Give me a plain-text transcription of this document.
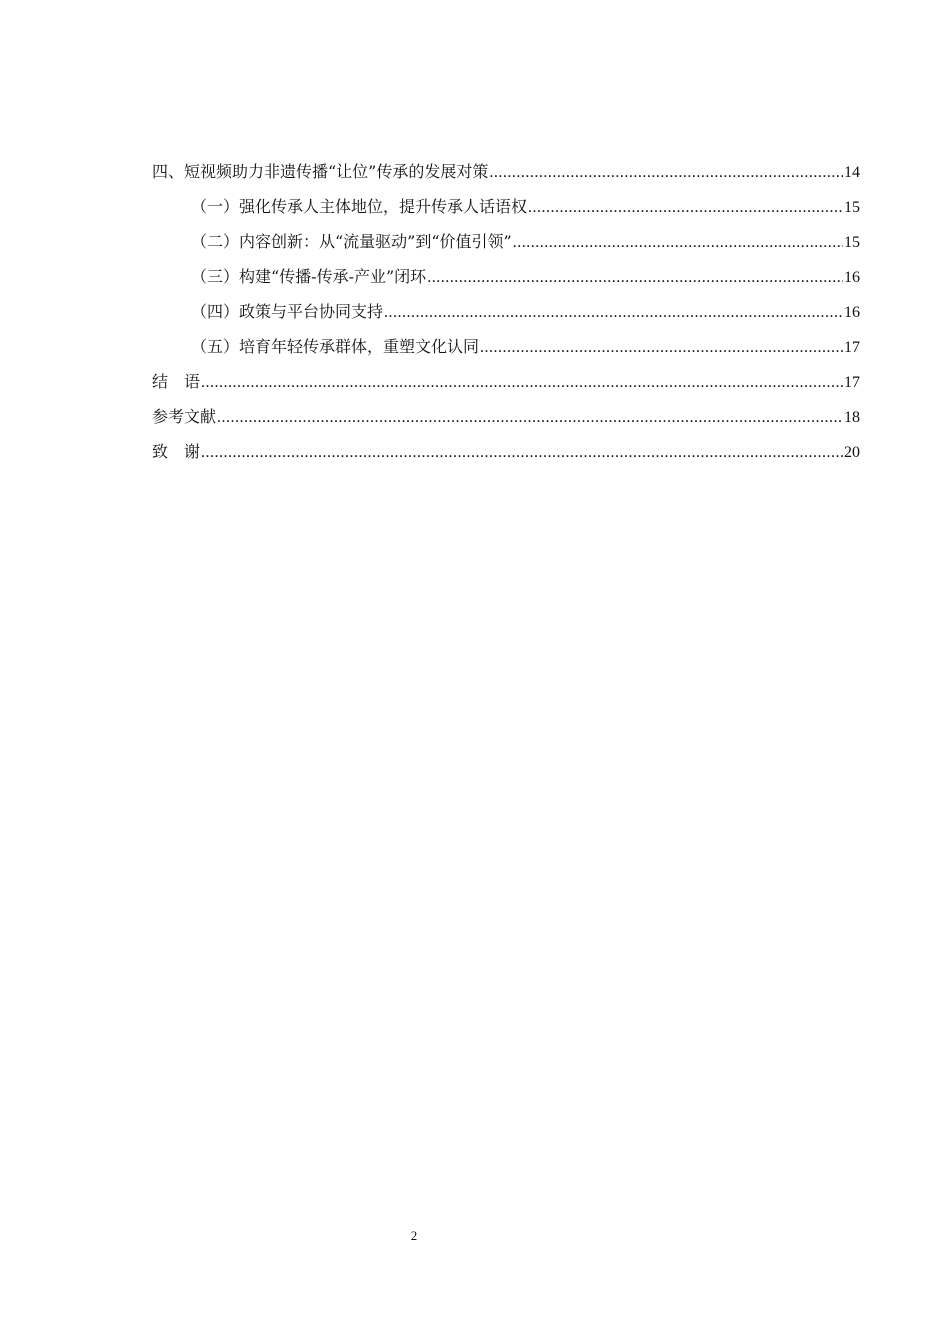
四、短视频助力非遗传播“让位”传承的发展对策 .....	14
（一）强化传承人主体地位，提升传承人话语权 .....	15
（二）内容创新：从“流量驱动”到“价值引领” .....	15
（三）构建“传播-传承-产业”闭环 .....	16
（四）政策与平台协同支持 .....	16
（五）培育年轻传承群体，重塑文化认同 .....	17
结　语 .....	17
参考文献 .....	18
致　谢 .....	20
2
